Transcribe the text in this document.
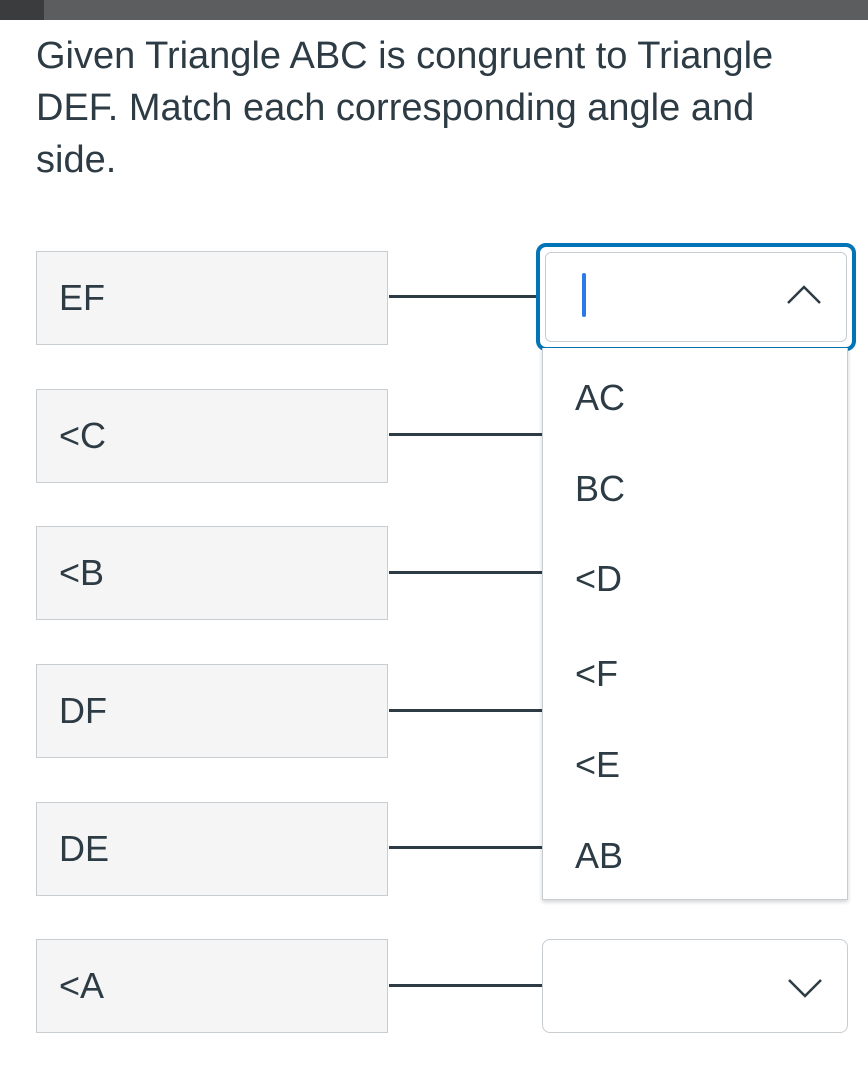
Given Triangle ABC is congruent to Triangle DEF. Match each corresponding angle and side.

EF
<C
<B
DF
DE
<A
AC
BC
<D
<F
<E
AB
